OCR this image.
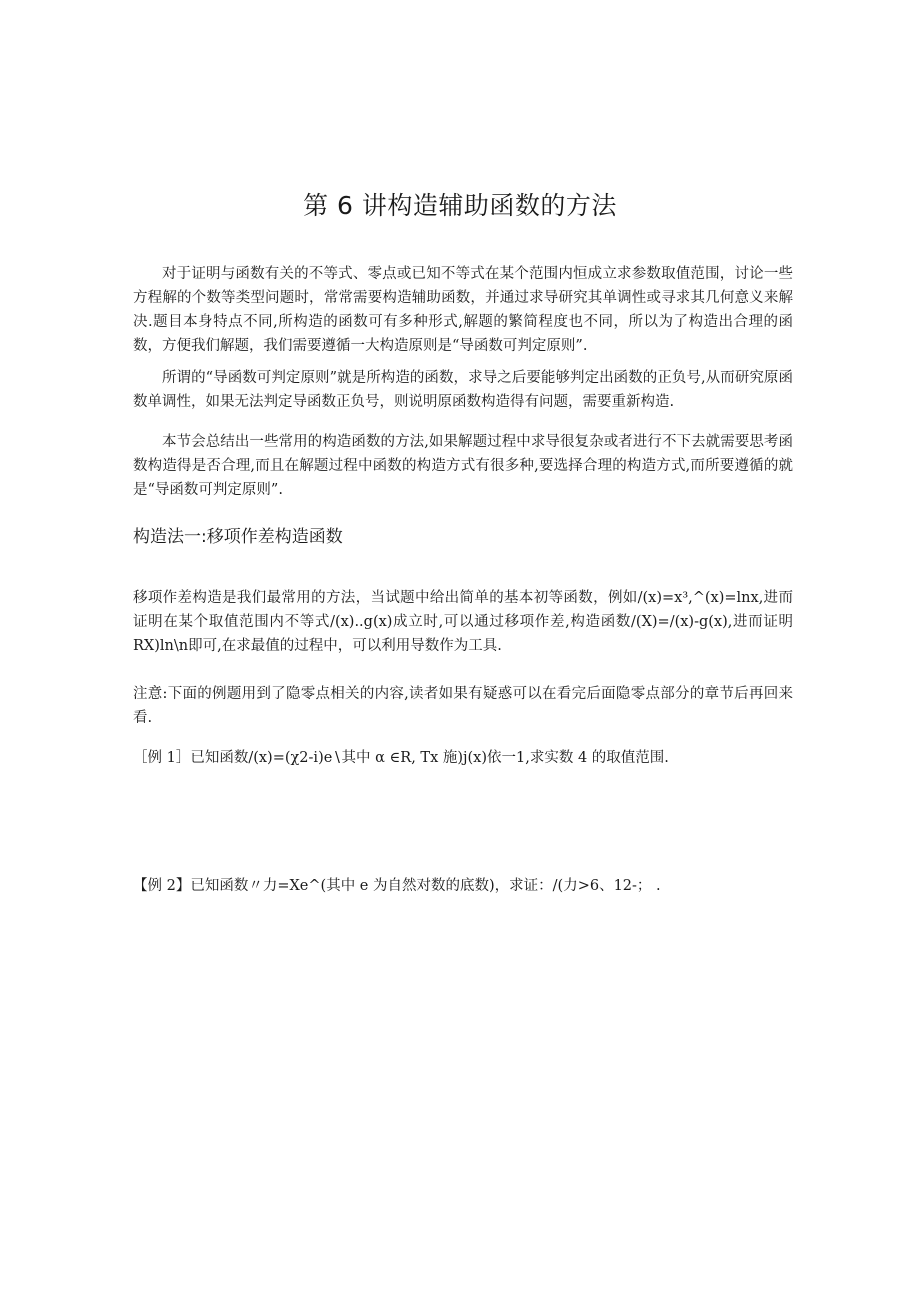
第 6 讲构造辅助函数的方法

对于证明与函数有关的不等式、零点或已知不等式在某个范围内恒成立求参数取值范围，讨论一些方程解的个数等类型问题时，常常需要构造辅助函数，并通过求导研究其单调性或寻求其几何意义来解决.题目本身特点不同,所构造的函数可有多种形式,解题的繁简程度也不同，所以为了构造出合理的函数，方便我们解题，我们需要遵循一大构造原则是“导函数可判定原则”.

所谓的“导函数可判定原则”就是所构造的函数，求导之后要能够判定出函数的正负号,从而研究原函数单调性，如果无法判定导函数正负号，则说明原函数构造得有问题，需要重新构造.

本节会总结出一些常用的构造函数的方法,如果解题过程中求导很复杂或者进行不下去就需要思考函数构造得是否合理,而且在解题过程中函数的构造方式有很多种,要选择合理的构造方式,而所要遵循的就是“导函数可判定原则”.

构造法一:移项作差构造函数

移项作差构造是我们最常用的方法，当试题中给出简单的基本初等函数，例如/(x)=x³,^(x)=lnx,进而证明在某个取值范围内不等式/(x)..g(x)成立时,可以通过移项作差,构造函数/(X)=/(x)-g(x),进而证明RX)ln\n即可,在求最值的过程中，可以利用导数作为工具.

注意:下面的例题用到了隐零点相关的内容,读者如果有疑惑可以在看完后面隐零点部分的章节后再回来看.

［例 1］已知函数/(x)=(χ2-i)e∖其中 α ∈R, Tx 施)j(x)依一1,求实数 4 的取值范围.

【例 2】已知函数〃力=Xe^(其中 e 为自然对数的底数)，求证：/(力>6、12-； .
